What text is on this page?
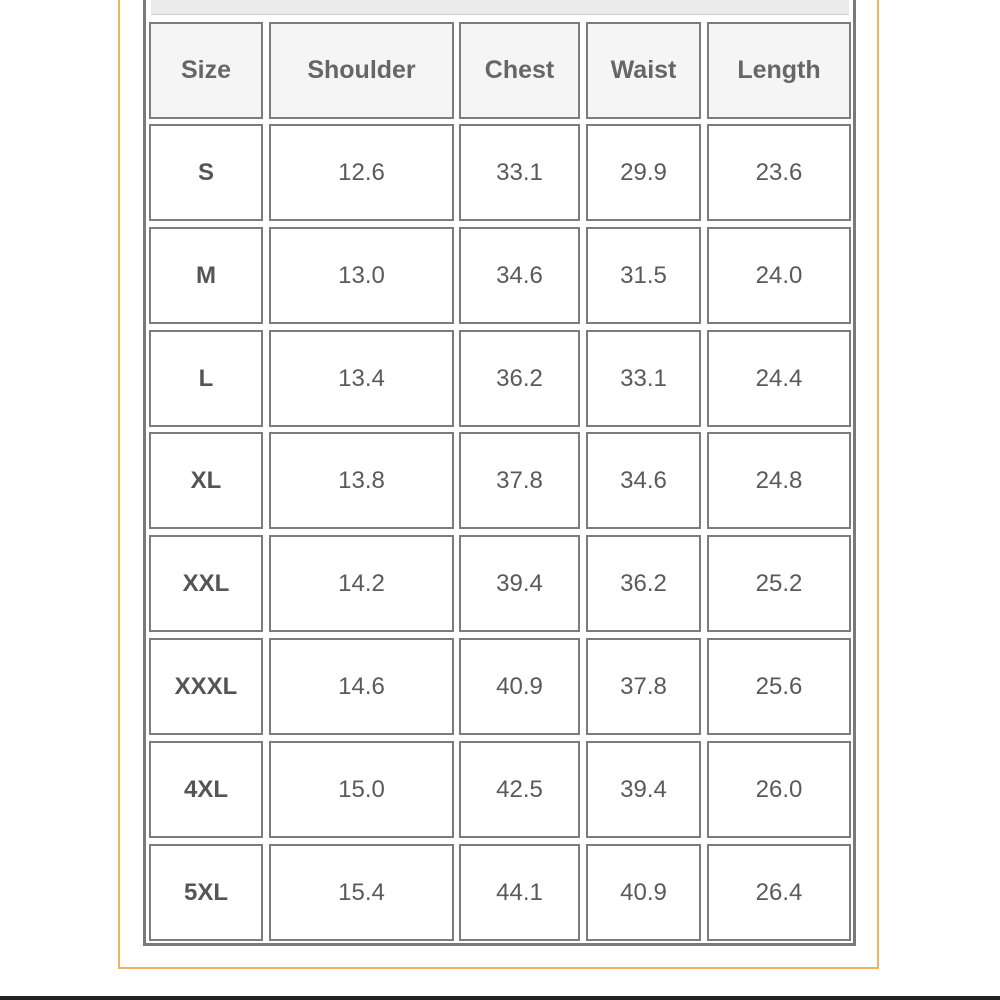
Size	Shoulder	Chest	Waist	Length
S	12.6	33.1	29.9	23.6
M	13.0	34.6	31.5	24.0
L	13.4	36.2	33.1	24.4
XL	13.8	37.8	34.6	24.8
XXL	14.2	39.4	36.2	25.2
XXXL	14.6	40.9	37.8	25.6
4XL	15.0	42.5	39.4	26.0
5XL	15.4	44.1	40.9	26.4
